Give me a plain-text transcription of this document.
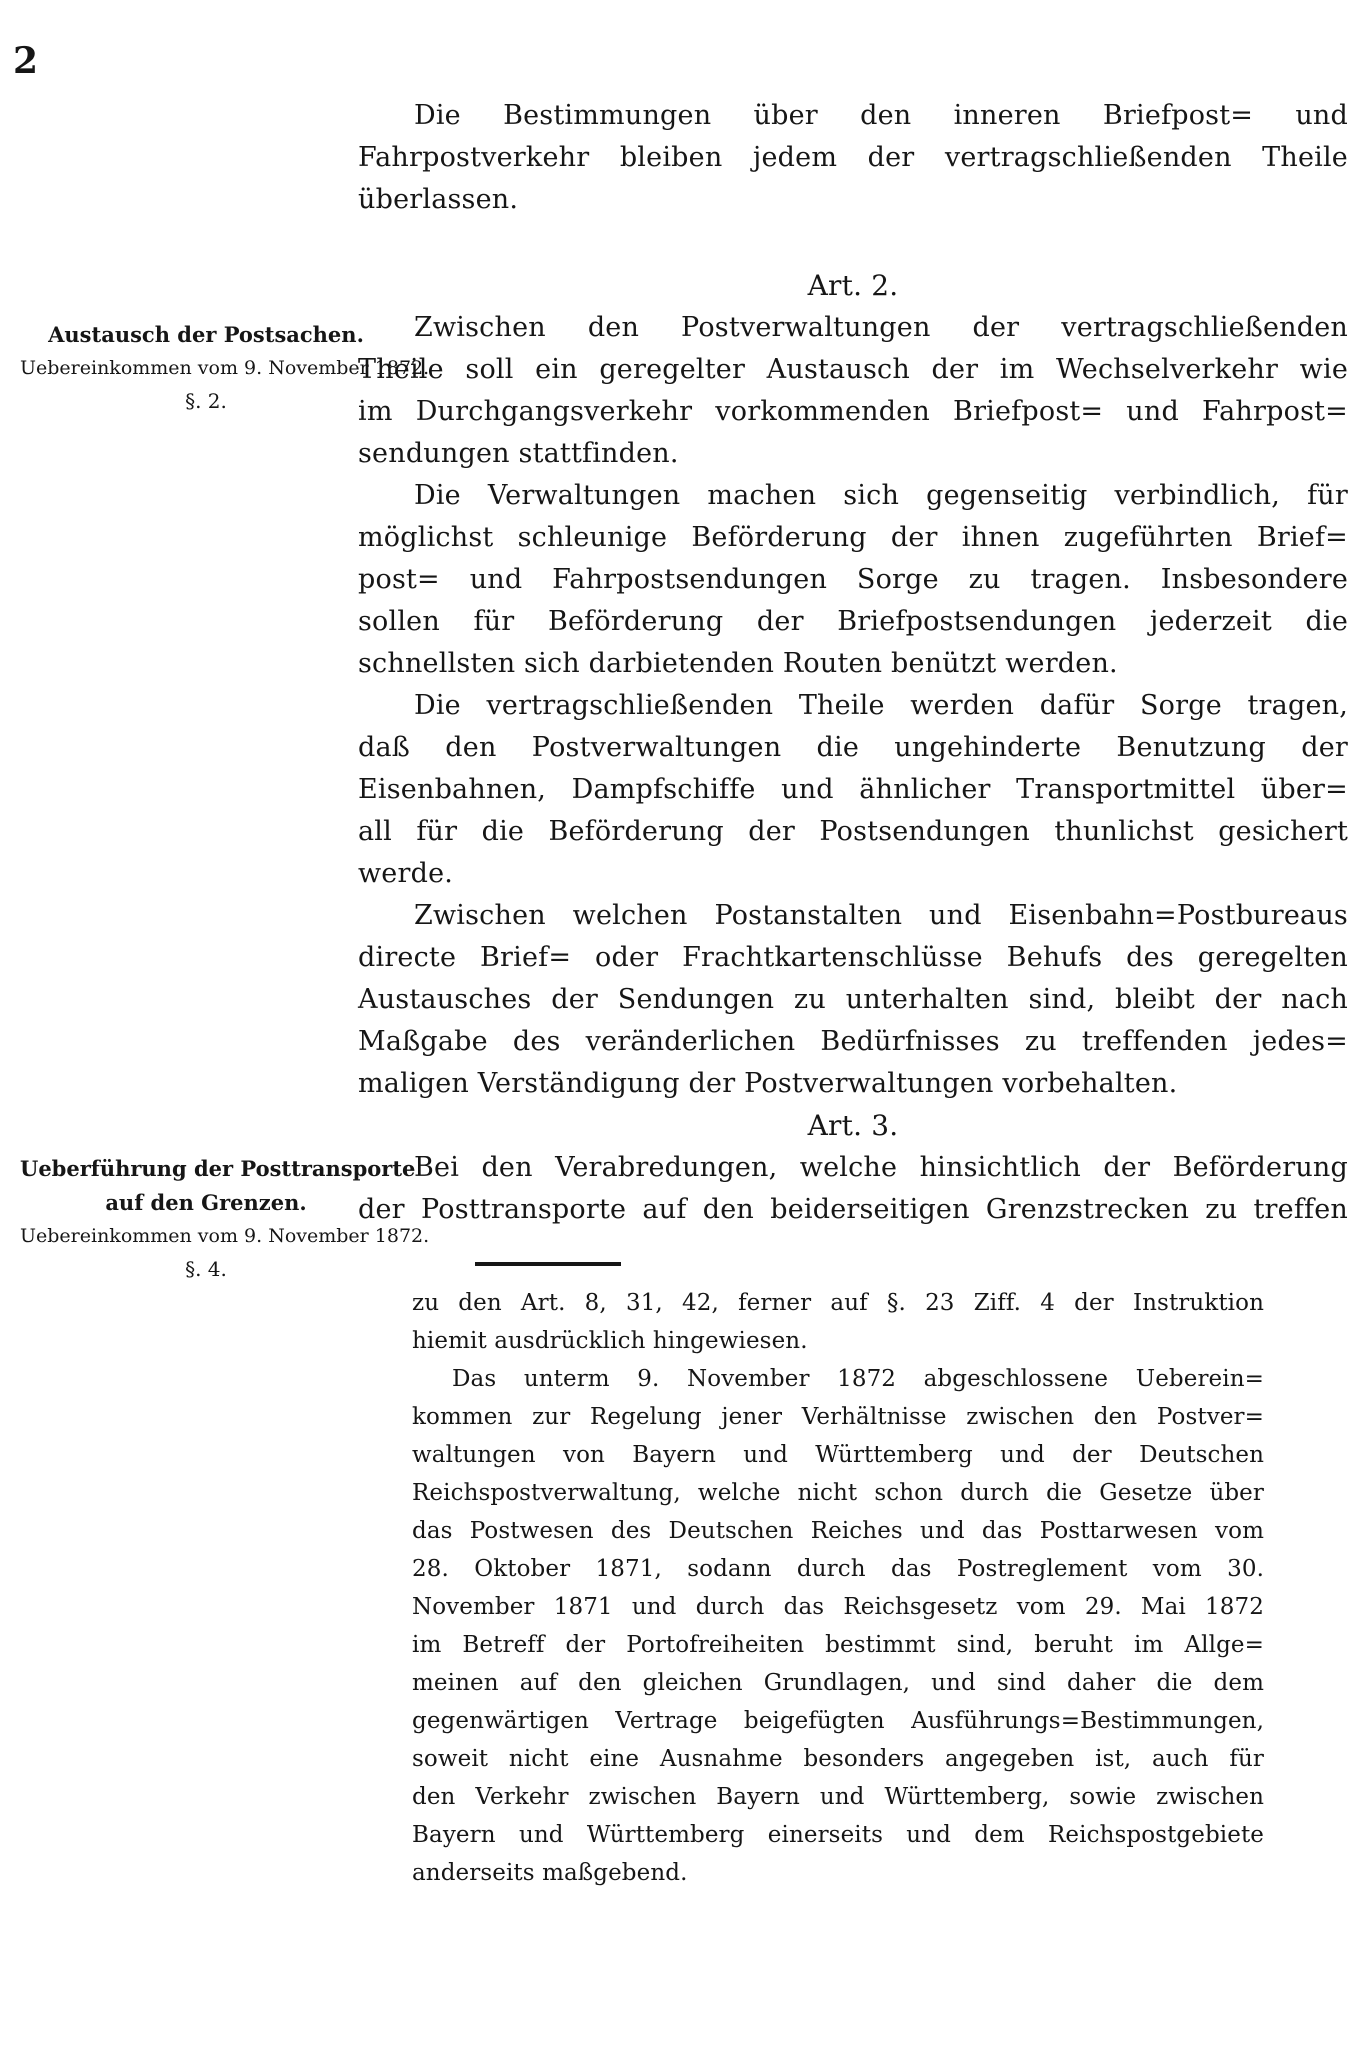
2
Austausch der Postsachen.
Uebereinkommen vom 9. November 1872.
§. 2.
Ueberführung der Posttransporte
auf den Grenzen.
Uebereinkommen vom 9. November 1872.
§. 4.
Die Bestimmungen über den inneren Briefpost= und
Fahrpostverkehr bleiben jedem der vertragschließenden Theile
überlassen.
Art. 2.
Zwischen den Postverwaltungen der vertragschließenden
Theile soll ein geregelter Austausch der im Wechselverkehr wie
im Durchgangsverkehr vorkommenden Briefpost= und Fahrpost=
sendungen stattfinden.
Die Verwaltungen machen sich gegenseitig verbindlich, für
möglichst schleunige Beförderung der ihnen zugeführten Brief=
post= und Fahrpostsendungen Sorge zu tragen. Insbesondere
sollen für Beförderung der Briefpostsendungen jederzeit die
schnellsten sich darbietenden Routen benützt werden.
Die vertragschließenden Theile werden dafür Sorge tragen,
daß den Postverwaltungen die ungehinderte Benutzung der
Eisenbahnen, Dampfschiffe und ähnlicher Transportmittel über=
all für die Beförderung der Postsendungen thunlichst gesichert
werde.
Zwischen welchen Postanstalten und Eisenbahn=Postbureaus
directe Brief= oder Frachtkartenschlüsse Behufs des geregelten
Austausches der Sendungen zu unterhalten sind, bleibt der nach
Maßgabe des veränderlichen Bedürfnisses zu treffenden jedes=
maligen Verständigung der Postverwaltungen vorbehalten.
Art. 3.
Bei den Verabredungen, welche hinsichtlich der Beförderung
der Posttransporte auf den beiderseitigen Grenzstrecken zu treffen
zu den Art. 8, 31, 42, ferner auf §. 23 Ziff. 4 der Instruktion
hiemit ausdrücklich hingewiesen.
Das unterm 9. November 1872 abgeschlossene Ueberein=
kommen zur Regelung jener Verhältnisse zwischen den Postver=
waltungen von Bayern und Württemberg und der Deutschen
Reichspostverwaltung, welche nicht schon durch die Gesetze über
das Postwesen des Deutschen Reiches und das Posttarwesen vom
28. Oktober 1871, sodann durch das Postreglement vom 30.
November 1871 und durch das Reichsgesetz vom 29. Mai 1872
im Betreff der Portofreiheiten bestimmt sind, beruht im Allge=
meinen auf den gleichen Grundlagen, und sind daher die dem
gegenwärtigen Vertrage beigefügten Ausführungs=Bestimmungen,
soweit nicht eine Ausnahme besonders angegeben ist, auch für
den Verkehr zwischen Bayern und Württemberg, sowie zwischen
Bayern und Württemberg einerseits und dem Reichspostgebiete
anderseits maßgebend.
